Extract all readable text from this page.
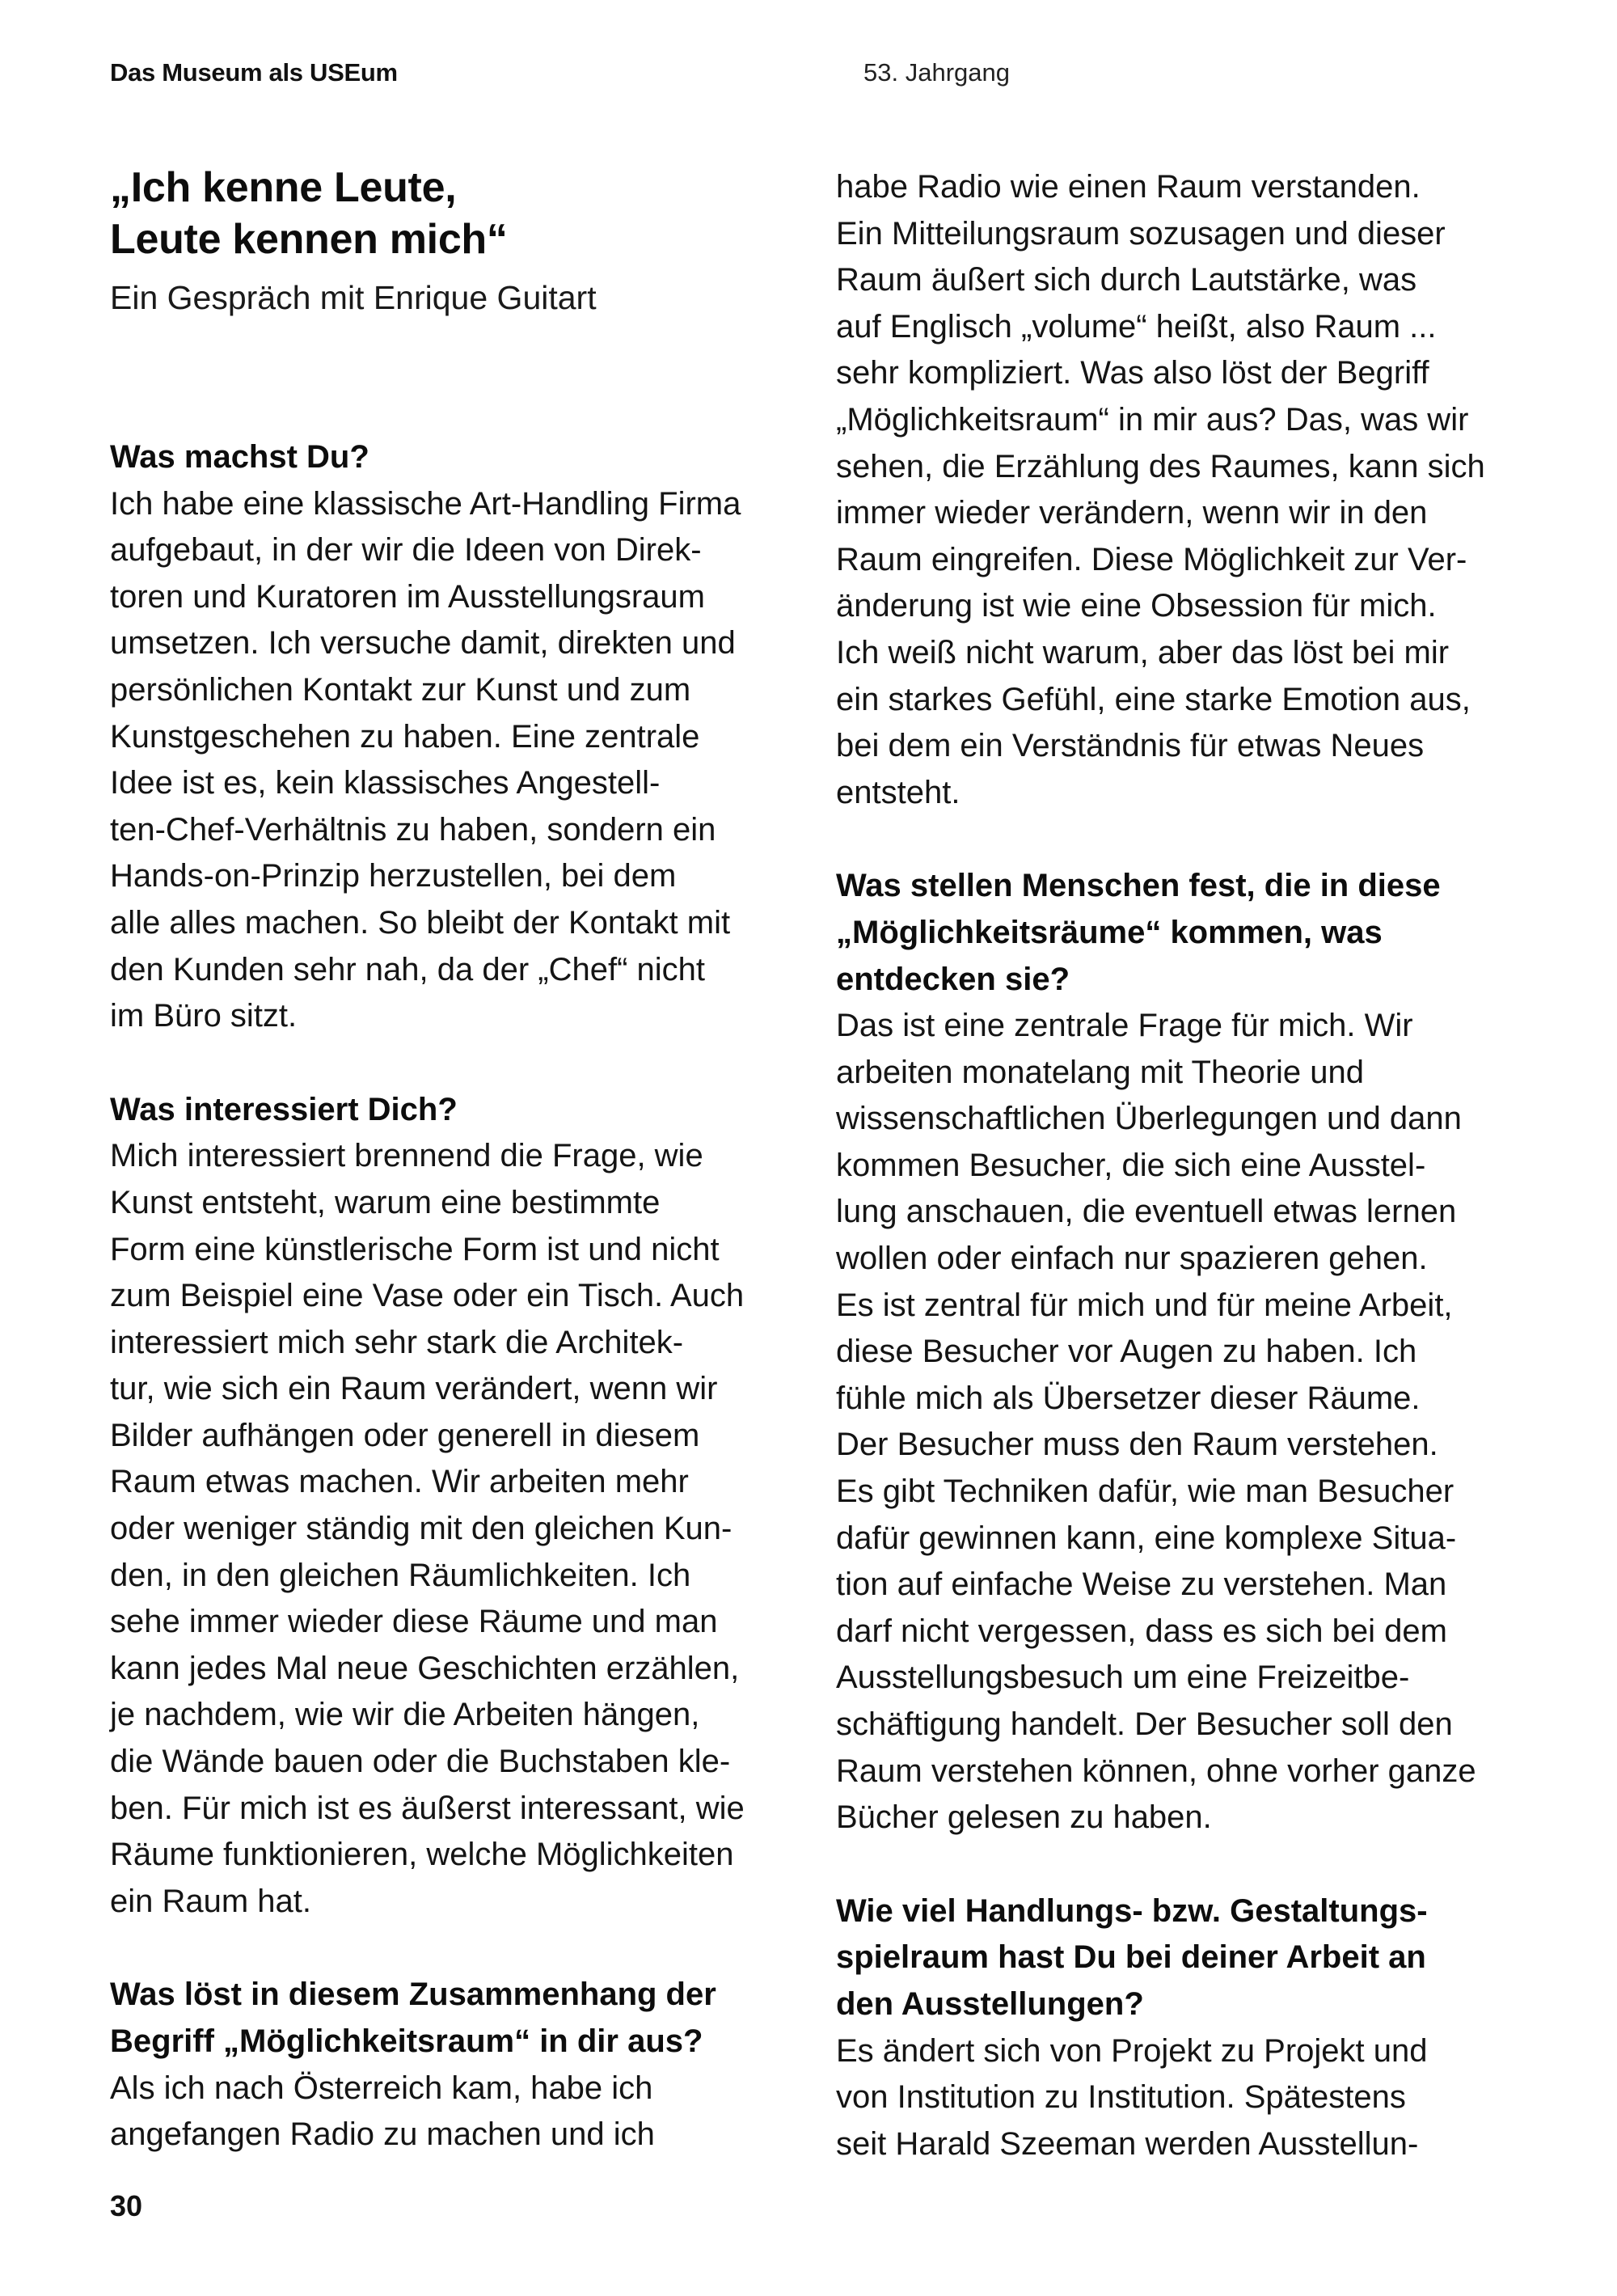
Das Museum als USEum	53. Jahrgang
„Ich kenne Leute,
Leute kennen mich“

Ein Gespräch mit Enrique Guitart

Was machst Du?

Ich habe eine klassische Art-Handling Firma
aufgebaut, in der wir die Ideen von Direk-
toren und Kuratoren im Ausstellungsraum
umsetzen. Ich versuche damit, direkten und
persönlichen Kontakt zur Kunst und zum
Kunstgeschehen zu haben. Eine zentrale
Idee ist es, kein klassisches Angestell-
ten-Chef-Verhältnis zu haben, sondern ein
Hands-on-Prinzip herzustellen, bei dem
alle alles machen. So bleibt der Kontakt mit
den Kunden sehr nah, da der „Chef“ nicht
im Büro sitzt.

Was interessiert Dich?

Mich interessiert brennend die Frage, wie
Kunst entsteht, warum eine bestimmte
Form eine künstlerische Form ist und nicht
zum Beispiel eine Vase oder ein Tisch. Auch
interessiert mich sehr stark die Architek-
tur, wie sich ein Raum verändert, wenn wir
Bilder aufhängen oder generell in diesem
Raum etwas machen. Wir arbeiten mehr
oder weniger ständig mit den gleichen Kun-
den, in den gleichen Räumlichkeiten. Ich
sehe immer wieder diese Räume und man
kann jedes Mal neue Geschichten erzählen,
je nachdem, wie wir die Arbeiten hängen,
die Wände bauen oder die Buchstaben kle-
ben. Für mich ist es äußerst interessant, wie
Räume funktionieren, welche Möglichkeiten
ein Raum hat.

Was löst in diesem Zusammenhang der
Begriff „Möglichkeitsraum“ in dir aus?

Als ich nach Österreich kam, habe ich
angefangen Radio zu machen und ich

habe Radio wie einen Raum verstanden.
Ein Mitteilungsraum sozusagen und dieser
Raum äußert sich durch Lautstärke, was
auf Englisch „volume“ heißt, also Raum ...
sehr kompliziert. Was also löst der Begriff
„Möglichkeitsraum“ in mir aus? Das, was wir
sehen, die Erzählung des Raumes, kann sich
immer wieder verändern, wenn wir in den
Raum eingreifen. Diese Möglichkeit zur Ver-
änderung ist wie eine Obsession für mich.
Ich weiß nicht warum, aber das löst bei mir
ein starkes Gefühl, eine starke Emotion aus,
bei dem ein Verständnis für etwas Neues
entsteht.

Was stellen Menschen fest, die in diese
„Möglichkeitsräume“ kommen, was
entdecken sie?

Das ist eine zentrale Frage für mich. Wir
arbeiten monatelang mit Theorie und
wissenschaftlichen Überlegungen und dann
kommen Besucher, die sich eine Ausstel-
lung anschauen, die eventuell etwas lernen
wollen oder einfach nur spazieren gehen.
Es ist zentral für mich und für meine Arbeit,
diese Besucher vor Augen zu haben. Ich
fühle mich als Übersetzer dieser Räume.
Der Besucher muss den Raum verstehen.
Es gibt Techniken dafür, wie man Besucher
dafür gewinnen kann, eine komplexe Situa-
tion auf einfache Weise zu verstehen. Man
darf nicht vergessen, dass es sich bei dem
Ausstellungsbesuch um eine Freizeitbe-
schäftigung handelt. Der Besucher soll den
Raum verstehen können, ohne vorher ganze
Bücher gelesen zu haben.

Wie viel Handlungs- bzw. Gestaltungs-
spielraum hast Du bei deiner Arbeit an
den Ausstellungen?

Es ändert sich von Projekt zu Projekt und
von Institution zu Institution. Spätestens
seit Harald Szeeman werden Ausstellun-

30
